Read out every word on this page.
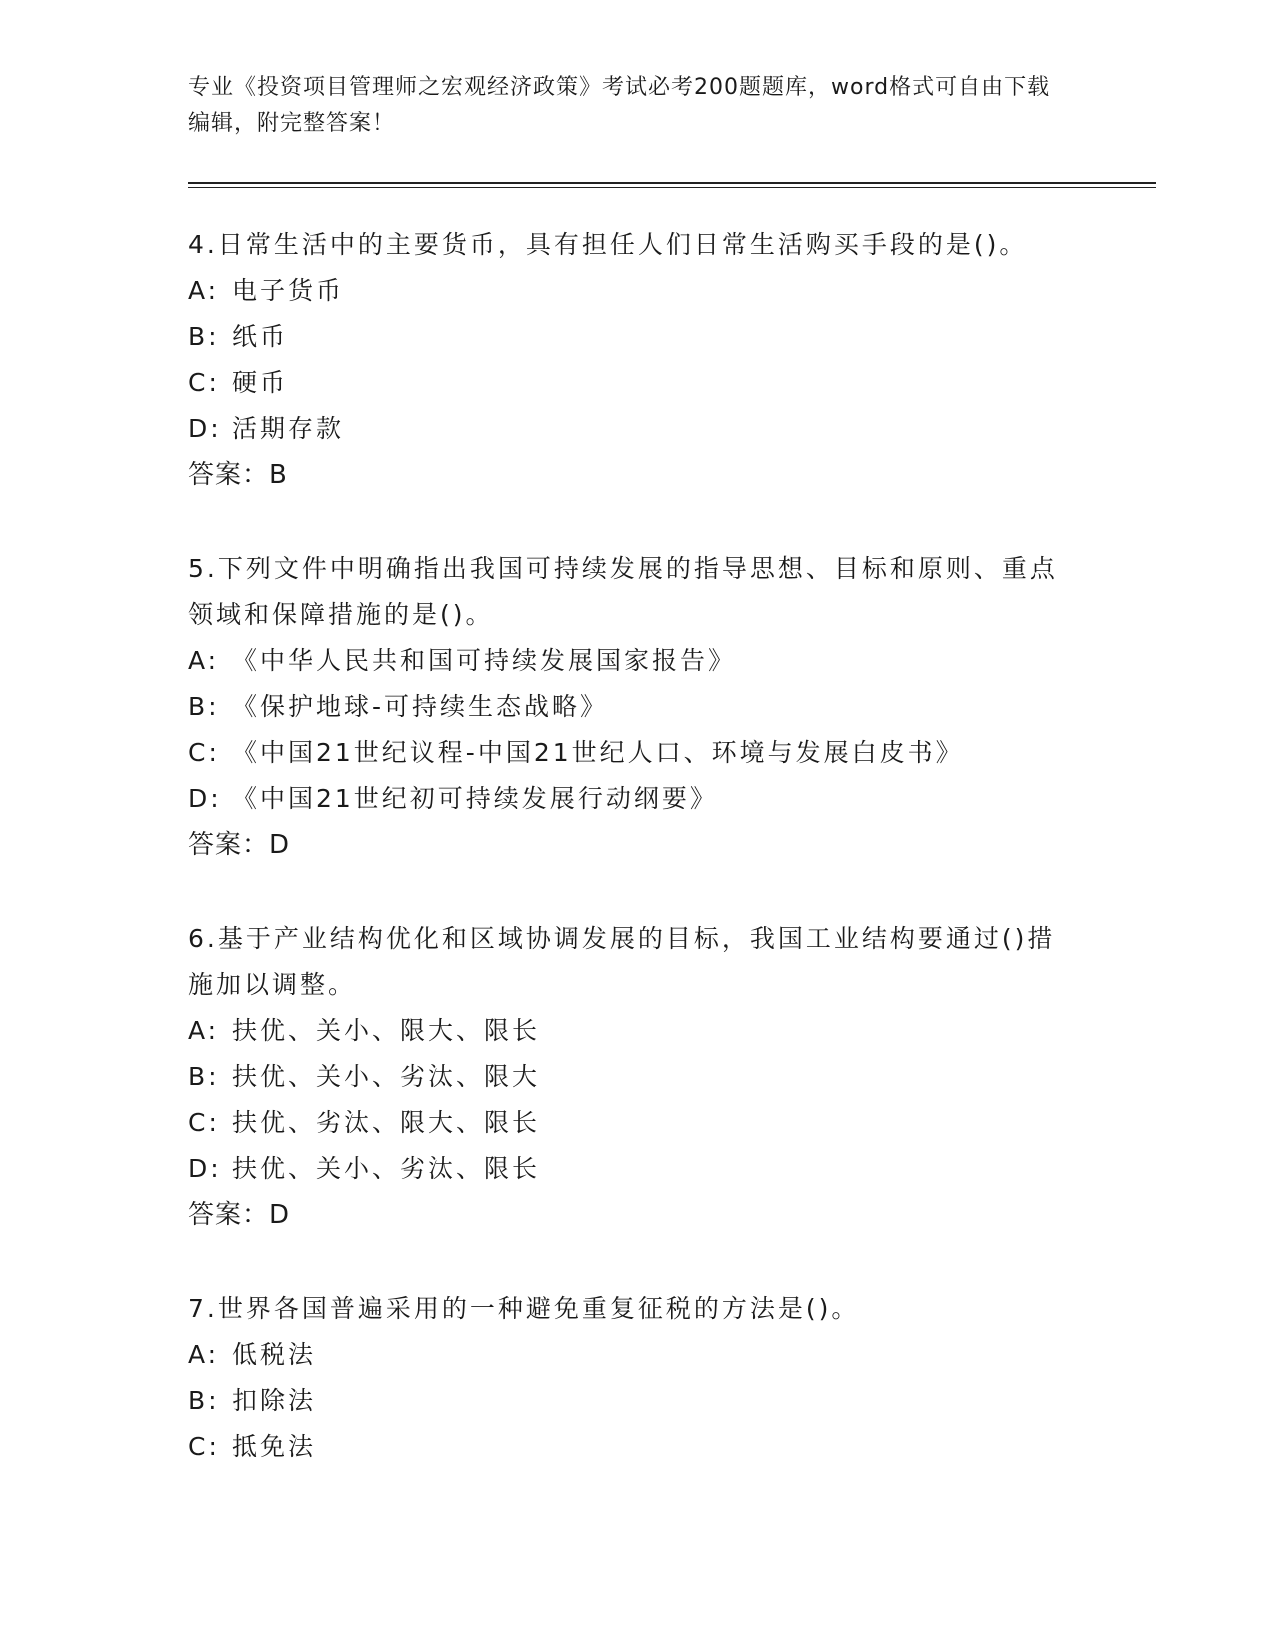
专业《投资项目管理师之宏观经济政策》考试必考200题题库，word格式可自由下载编辑，附完整答案！

4.日常生活中的主要货币，具有担任人们日常生活购买手段的是()。

A: 电子货币
B: 纸币
C: 硬币
D: 活期存款
答案：B

5.下列文件中明确指出我国可持续发展的指导思想、目标和原则、重点领域和保障措施的是()。

A: 《中华人民共和国可持续发展国家报告》
B: 《保护地球-可持续生态战略》
C: 《中国21世纪议程-中国21世纪人口、环境与发展白皮书》
D: 《中国21世纪初可持续发展行动纲要》
答案：D

6.基于产业结构优化和区域协调发展的目标，我国工业结构要通过()措施加以调整。

A: 扶优、关小、限大、限长
B: 扶优、关小、劣汰、限大
C: 扶优、劣汰、限大、限长
D: 扶优、关小、劣汰、限长
答案：D

7.世界各国普遍采用的一种避免重复征税的方法是()。

A: 低税法
B: 扣除法
C: 抵免法
